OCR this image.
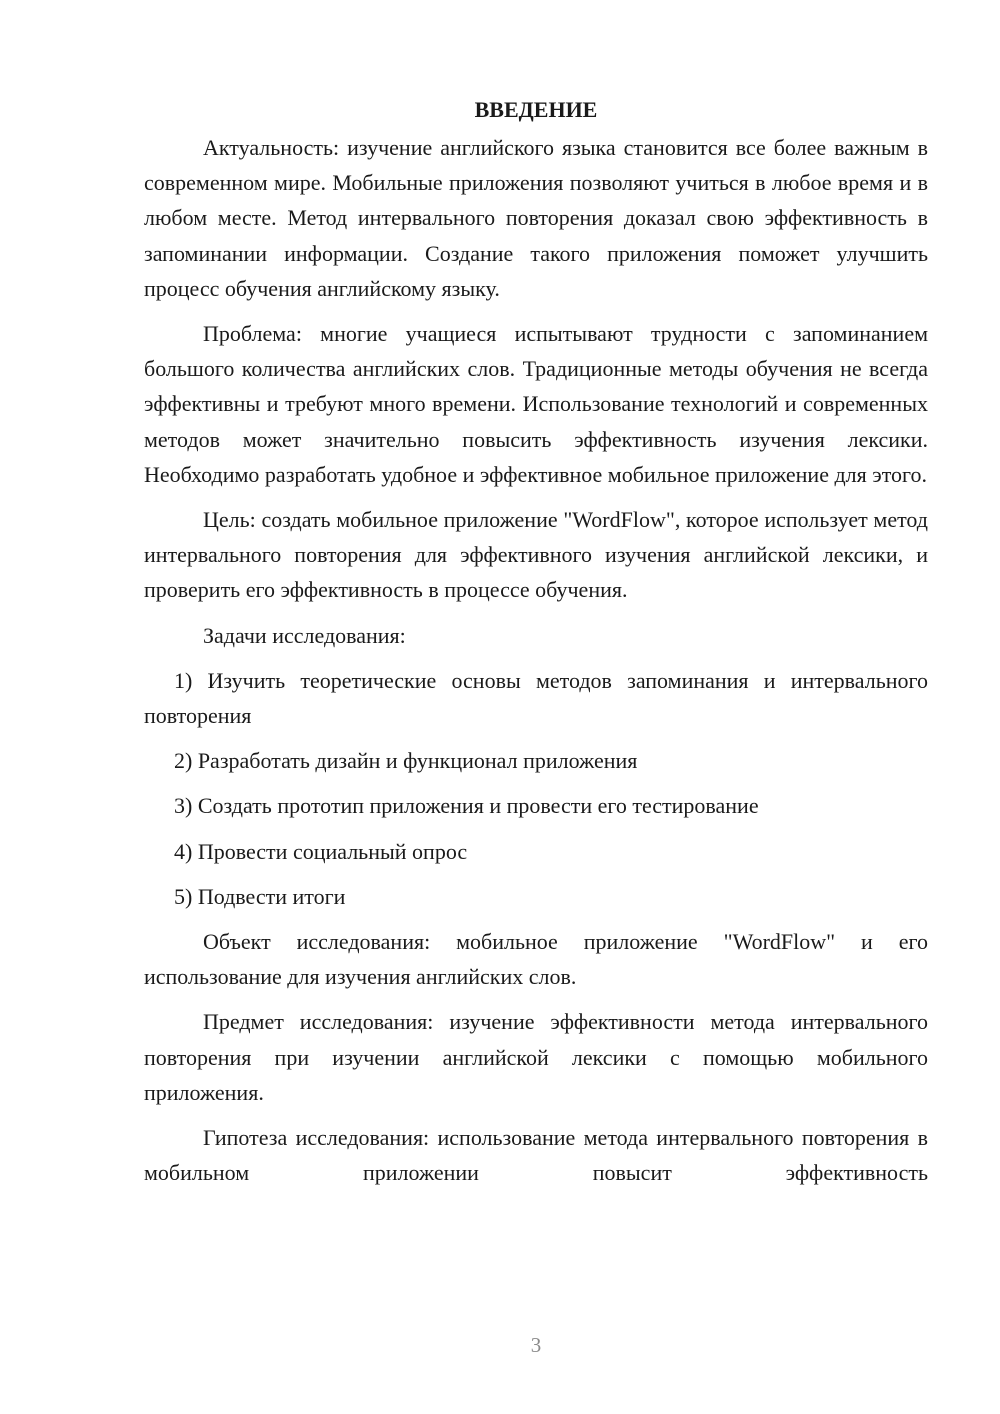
ВВЕДЕНИЕ

Актуальность: изучение английского языка становится все более важным в современном мире. Мобильные приложения позволяют учиться в любое время и в любом месте. Метод интервального повторения доказал свою эффективность в запоминании информации. Создание такого приложения поможет улучшить процесс обучения английскому языку.

Проблема: многие учащиеся испытывают трудности с запоминанием большого количества английских слов. Традиционные методы обучения не всегда эффективны и требуют много времени. Использование технологий и современных методов может значительно повысить эффективность изучения лексики. Необходимо разработать удобное и эффективное мобильное приложение для этого.

Цель: создать мобильное приложение "WordFlow", которое использует метод интервального повторения для эффективного изучения английской лексики, и проверить его эффективность в процессе обучения.

Задачи исследования:

1) Изучить теоретические основы методов запоминания и интервального повторения

2) Разработать дизайн и функционал приложения

3) Создать прототип приложения и провести его тестирование

4) Провести социальный опрос

5) Подвести итоги

Объект исследования: мобильное приложение "WordFlow" и его использование для изучения английских слов.

Предмет исследования: изучение эффективности метода интервального повторения при изучении английской лексики с помощью мобильного приложения.

Гипотеза исследования: использование метода интервального повторения в мобильном приложении повысит эффективность

3
